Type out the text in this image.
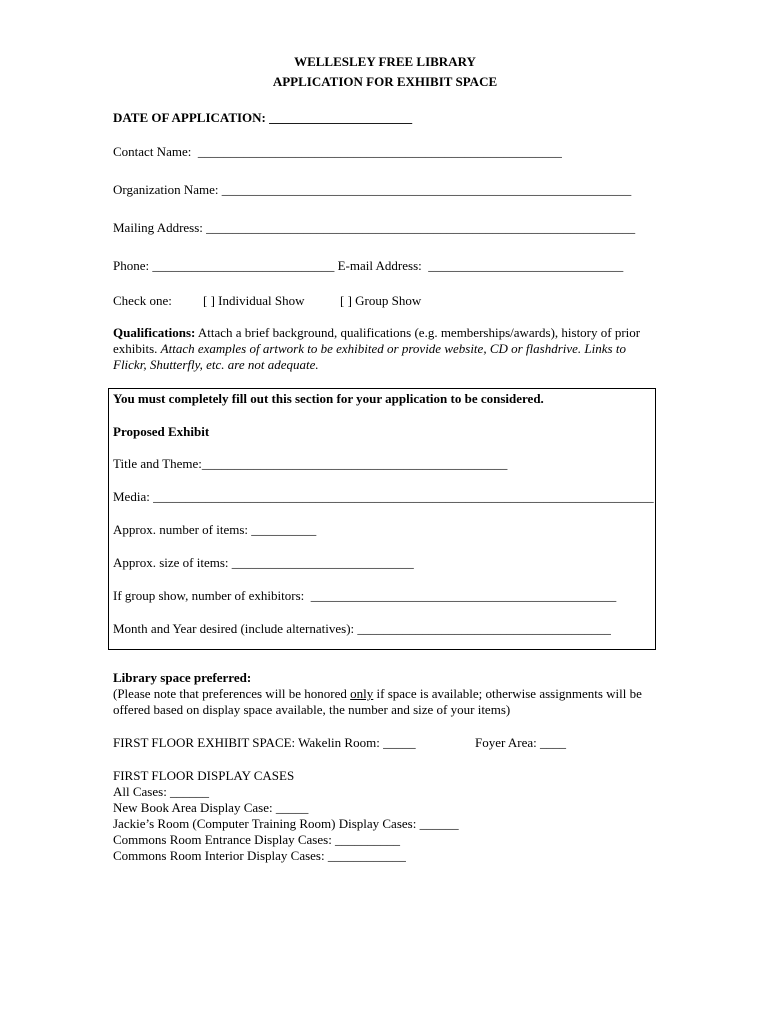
WELLESLEY FREE LIBRARY
APPLICATION FOR EXHIBIT SPACE
DATE OF APPLICATION: ______________________
Contact Name:  ________________________________________________________
Organization Name: _______________________________________________________________
Mailing Address: __________________________________________________________________
Phone: ____________________________ E-mail Address:  ______________________________
Check one: [ ] Individual Show	[ ] Group Show
Qualifications: Attach a brief background, qualifications (e.g. memberships/awards), history of prior exhibits. Attach examples of artwork to be exhibited or provide website, CD or flashdrive. Links to Flickr, Shutterfly, etc. are not adequate.
You must completely fill out this section for your application to be considered.
Proposed Exhibit
Title and Theme:_______________________________________________
Media: _____________________________________________________________________________
Approx. number of items: __________
Approx. size of items: ____________________________
If group show, number of exhibitors:  _______________________________________________
Month and Year desired (include alternatives): _______________________________________
Library space preferred:
(Please note that preferences will be honored only if space is available; otherwise assignments will be offered based on display space available, the number and size of your items)
FIRST FLOOR EXHIBIT SPACE: Wakelin Room: _____	Foyer Area: ____
FIRST FLOOR DISPLAY CASES
All Cases: ______
New Book Area Display Case: _____
Jackie’s Room (Computer Training Room) Display Cases: ______
Commons Room Entrance Display Cases: __________
Commons Room Interior Display Cases: ____________
